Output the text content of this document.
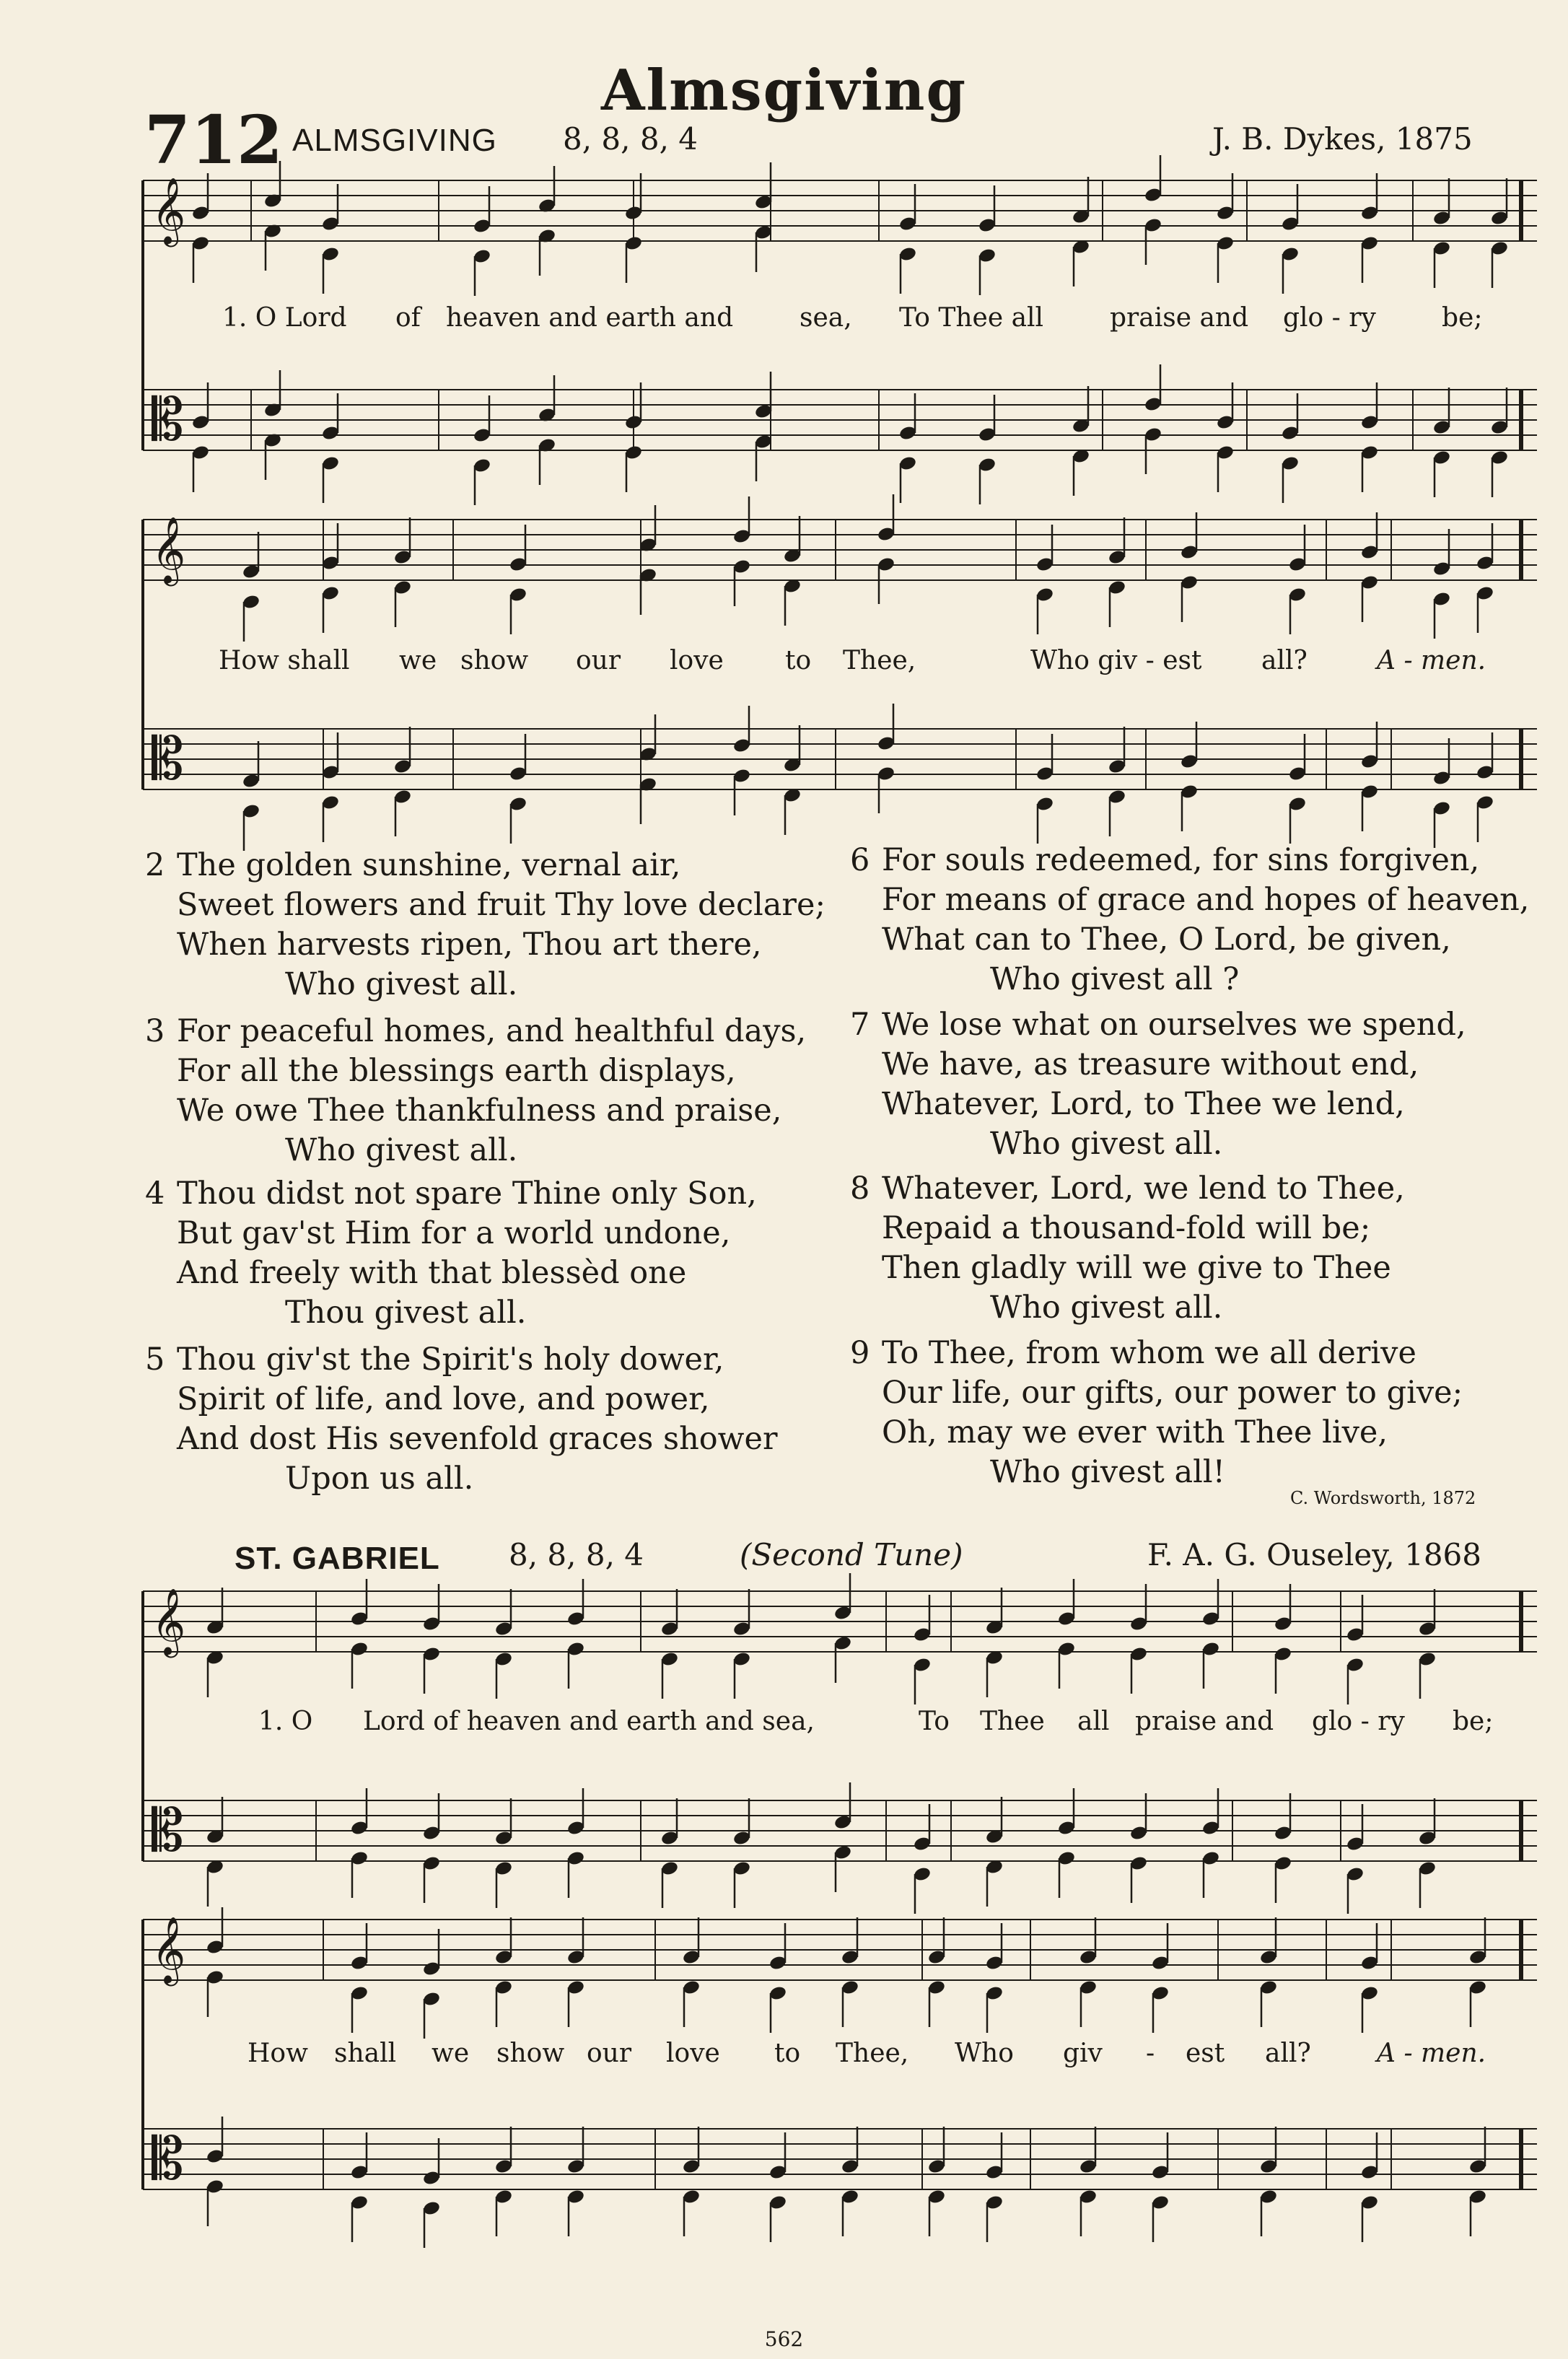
Almsgiving
712 ALMSGIVING 8, 8, 8, 4	J. B. Dykes, 1875
𝄞
𝄡
1. O Lord of heaven and earth and	sea, To Thee all	praise and glo - ry	be;
𝄞
𝄡
How shall we show our love to Thee,	Who giv - est all?	A - men.
2 The golden sunshine, vernal air,
Sweet flowers and fruit Thy love declare;
When harvests ripen, Thou art there,
Who givest all.
3 For peaceful homes, and healthful days,
For all the blessings earth displays,
We owe Thee thankfulness and praise,
Who givest all.
4 Thou didst not spare Thine only Son,
But gav'st Him for a world undone,
And freely with that blessèd one
Thou givest all.
5 Thou giv'st the Spirit's holy dower,
Spirit of life, and love, and power,
And dost His sevenfold graces shower
Upon us all.
6 For souls redeemed, for sins forgiven,
For means of grace and hopes of heaven,
What can to Thee, O Lord, be given,
Who givest all ?
7 We lose what on ourselves we spend,
We have, as treasure without end,
Whatever, Lord, to Thee we lend,
Who givest all.
8 Whatever, Lord, we lend to Thee,
Repaid a thousand-fold will be;
Then gladly will we give to Thee
Who givest all.
9 To Thee, from whom we all derive
Our life, our gifts, our power to give;
Oh, may we ever with Thee live,
Who givest all!
C. Wordsworth, 1872
ST. GABRIEL 8, 8, 8, 4	(Second Tune)	F. A. G. Ouseley, 1868
𝄞
𝄡
1. O Lord of heaven and earth and sea,	To Thee all praise and glo - ry be;
𝄞
𝄡
How shall we show our love to Thee, Who giv - est all?	A - men.
562
